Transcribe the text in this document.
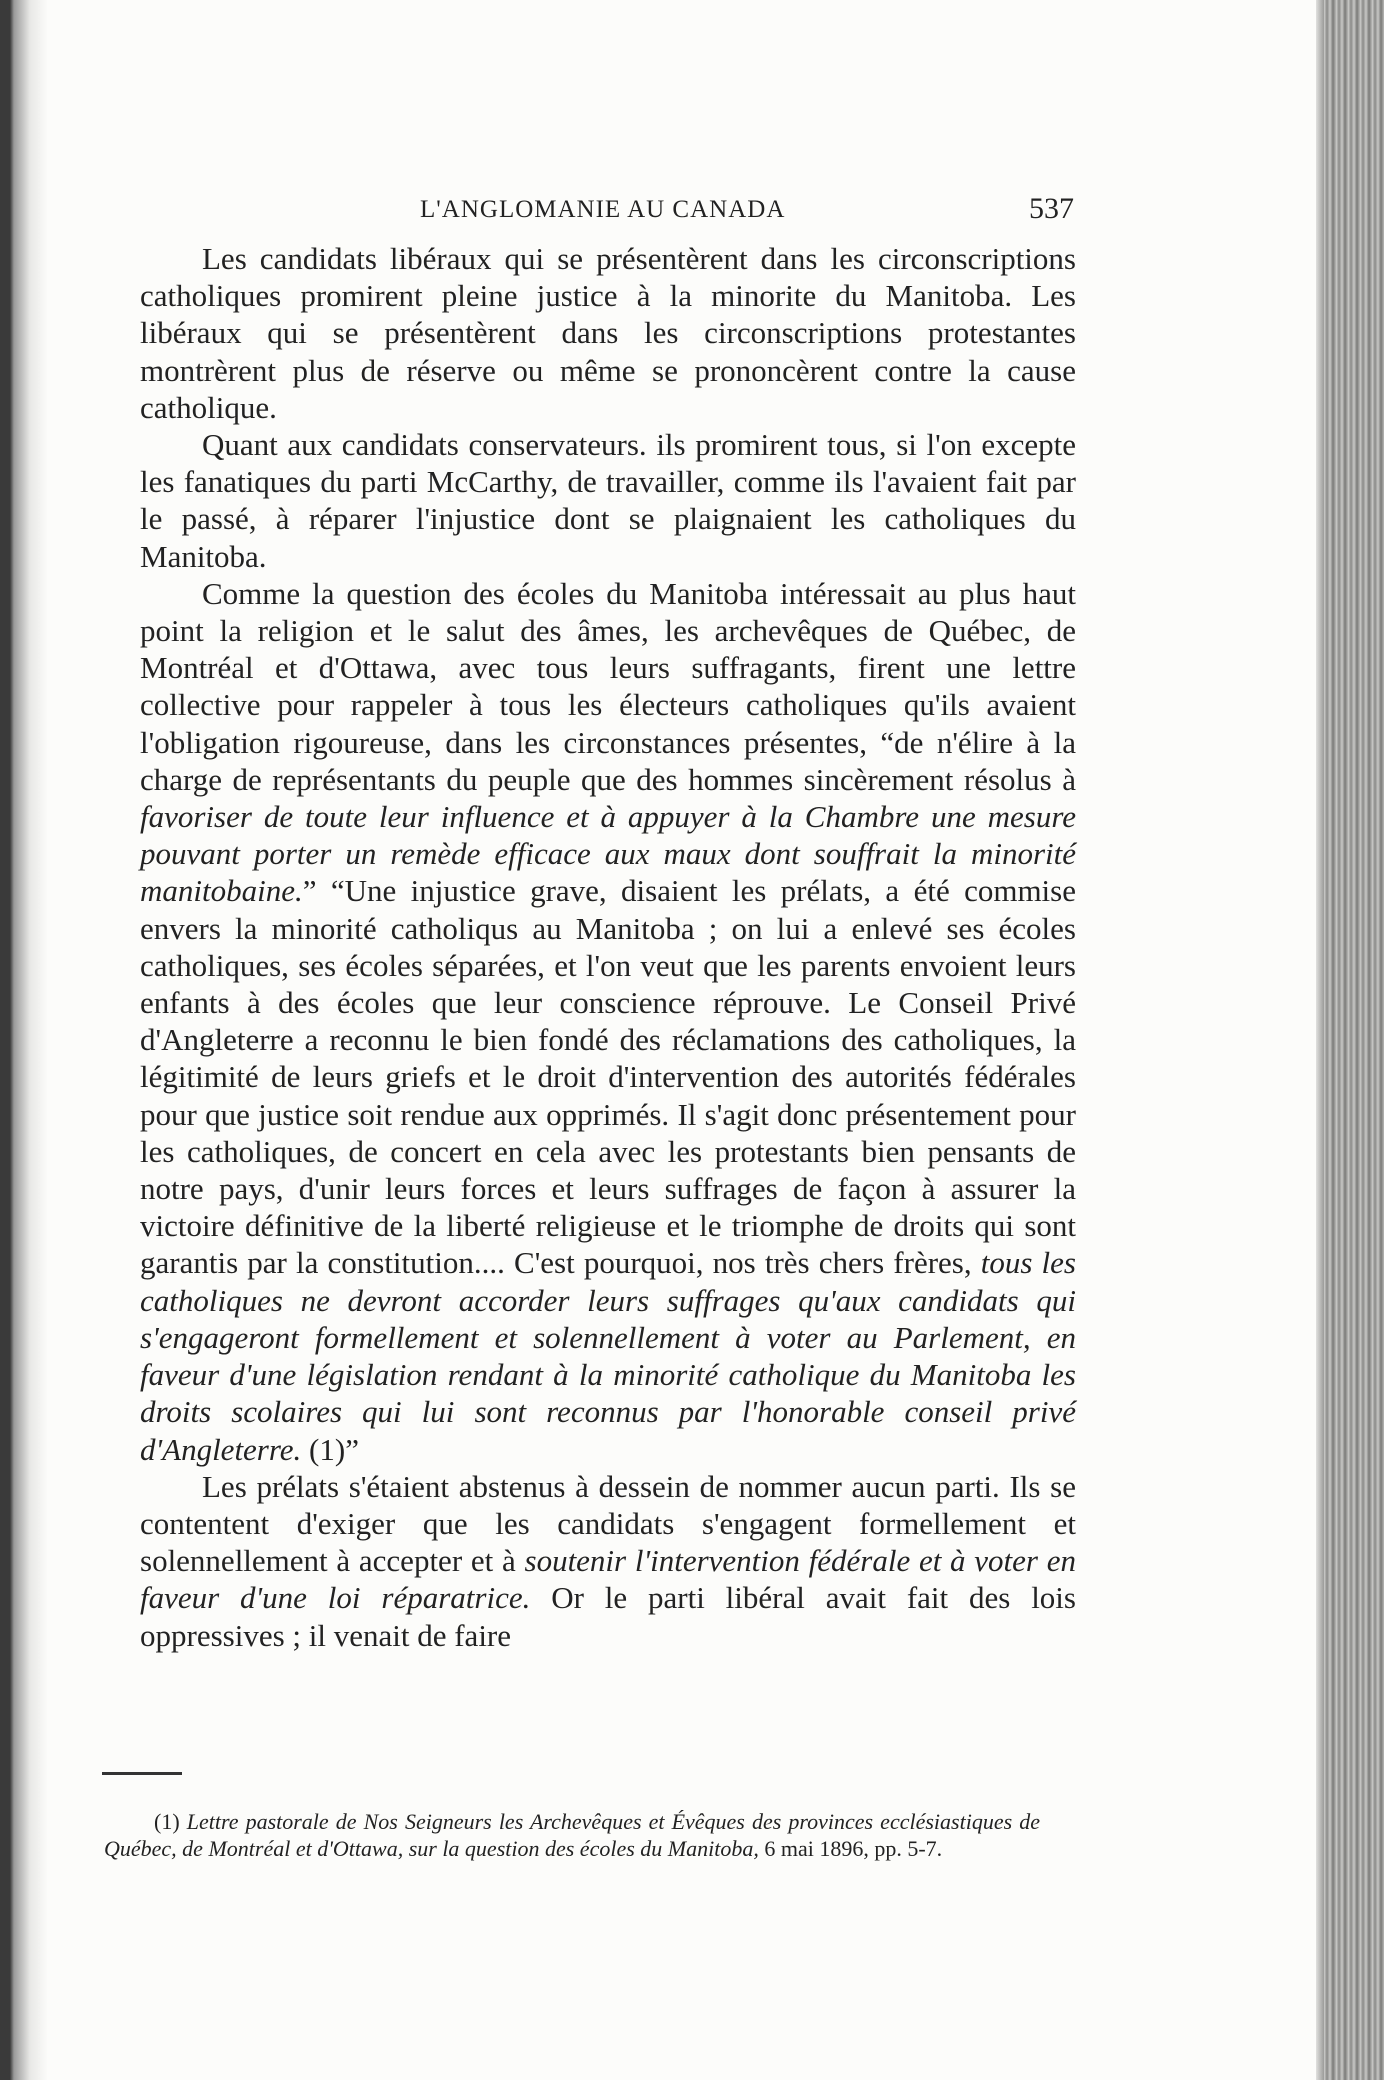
L'ANGLOMANIE AU CANADA	537

Les candidats libéraux qui se présentèrent dans les circonscriptions catholiques promirent pleine justice à la minorite du Manitoba. Les libéraux qui se présentèrent dans les circonscriptions protestantes montrèrent plus de réserve ou même se prononcèrent contre la cause catholique.

Quant aux candidats conservateurs. ils promirent tous, si l'on excepte les fanatiques du parti McCarthy, de travailler, comme ils l'avaient fait par le passé, à réparer l'injustice dont se plaignaient les catholiques du Manitoba.

Comme la question des écoles du Manitoba intéressait au plus haut point la religion et le salut des âmes, les archevêques de Québec, de Montréal et d'Ottawa, avec tous leurs suffragants, firent une lettre collective pour rappeler à tous les électeurs catholiques qu'ils avaient l'obligation rigoureuse, dans les circonstances présentes, “de n'élire à la charge de représentants du peuple que des hommes sincèrement résolus à favoriser de toute leur influence et à appuyer à la Chambre une mesure pouvant porter un remède efficace aux maux dont souffrait la minorité manitobaine.” “Une injustice grave, disaient les prélats, a été commise envers la minorité catholiqus au Manitoba ; on lui a enlevé ses écoles catholiques, ses écoles séparées, et l'on veut que les parents envoient leurs enfants à des écoles que leur conscience réprouve. Le Conseil Privé d'Angleterre a reconnu le bien fondé des réclamations des catholiques, la légitimité de leurs griefs et le droit d'intervention des autorités fédérales pour que justice soit rendue aux opprimés. Il s'agit donc présentement pour les catholiques, de concert en cela avec les protestants bien pensants de notre pays, d'unir leurs forces et leurs suffrages de façon à assurer la victoire définitive de la liberté religieuse et le triomphe de droits qui sont garantis par la constitution.... C'est pourquoi, nos très chers frères, tous les catholiques ne devront accorder leurs suffrages qu'aux candidats qui s'engageront formellement et solennellement à voter au Parlement, en faveur d'une législation rendant à la minorité catholique du Manitoba les droits scolaires qui lui sont reconnus par l'honorable conseil privé d'Angleterre. (1)”

Les prélats s'étaient abstenus à dessein de nommer aucun parti. Ils se contentent d'exiger que les candidats s'engagent formellement et solennellement à accepter et à soutenir l'intervention fédérale et à voter en faveur d'une loi réparatrice. Or le parti libéral avait fait des lois oppressives ; il venait de faire

(1) Lettre pastorale de Nos Seigneurs les Archevêques et Évêques des provinces ecclésiastiques de Québec, de Montréal et d'Ottawa, sur la question des écoles du Manitoba, 6 mai 1896, pp. 5-7.
